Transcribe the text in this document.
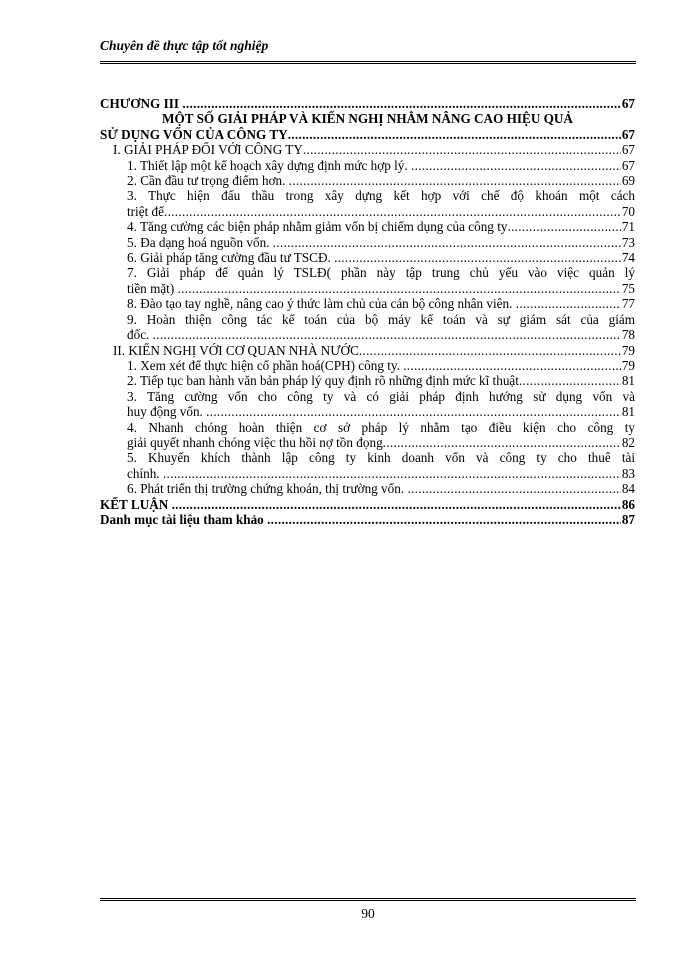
Chuyên đề thực tập tốt nghiệp
CHƯƠNG III .....	67
MỘT SỐ GIẢI PHÁP VÀ KIẾN NGHỊ NHẰM NÂNG CAO HIỆU QUẢ
SỬ DỤNG VỐN CỦA CÔNG TY .....	67
I. GIẢI PHÁP ĐỐI VỚI CÔNG TY .....	67
1. Thiết lập một kế hoạch xây dựng định mức hợp lý. .....	67
2. Cần đầu tư trọng điểm hơn. .....	69
3. Thực hiện đấu thầu trong xây dựng kết hợp với chế độ khoán một cách
triệt để .....	70
4. Tăng cường các biện pháp nhằm giảm vốn bị chiếm dụng của công ty .....	71
5. Đa dạng hoá nguồn vốn. .....	73
6. Giải pháp tăng cường đầu tư TSCĐ. .....	74
7. Giải pháp để quản lý TSLĐ( phần này tập trung chủ yếu vào việc quản lý
tiền mặt) .....	75
8. Đào tạo tay nghề, nâng cao ý thức làm chủ của cán bộ công nhân viên. .....	77
9. Hoàn thiện công tác kế toán của bộ máy kế toán và sự giám sát của giám
đốc. .....	78
II. KIẾN NGHỊ VỚI CƠ QUAN NHÀ NƯỚC .....	79
1. Xem xét để thực hiện cổ phần hoá(CPH) công ty. .....	79
2. Tiếp tục ban hành văn bản pháp lý quy định rõ những định mức kĩ thuật .....	81
3. Tăng cường vốn cho công ty và có giải pháp định hướng sử dụng vốn và
huy động vốn. .....	81
4. Nhanh chóng hoàn thiện cơ sở pháp lý nhằm tạo điều kiện cho công ty
giải quyết nhanh chóng việc thu hồi nợ tồn đọng .....	82
5. Khuyến khích thành lập công ty kinh doanh vốn và công ty cho thuê tài
chính. .....	83
6. Phát triển thị trường chứng khoán, thị trường vốn. .....	84
KẾT LUẬN .....	86
Danh mục tài liệu tham khảo .....	87
90
